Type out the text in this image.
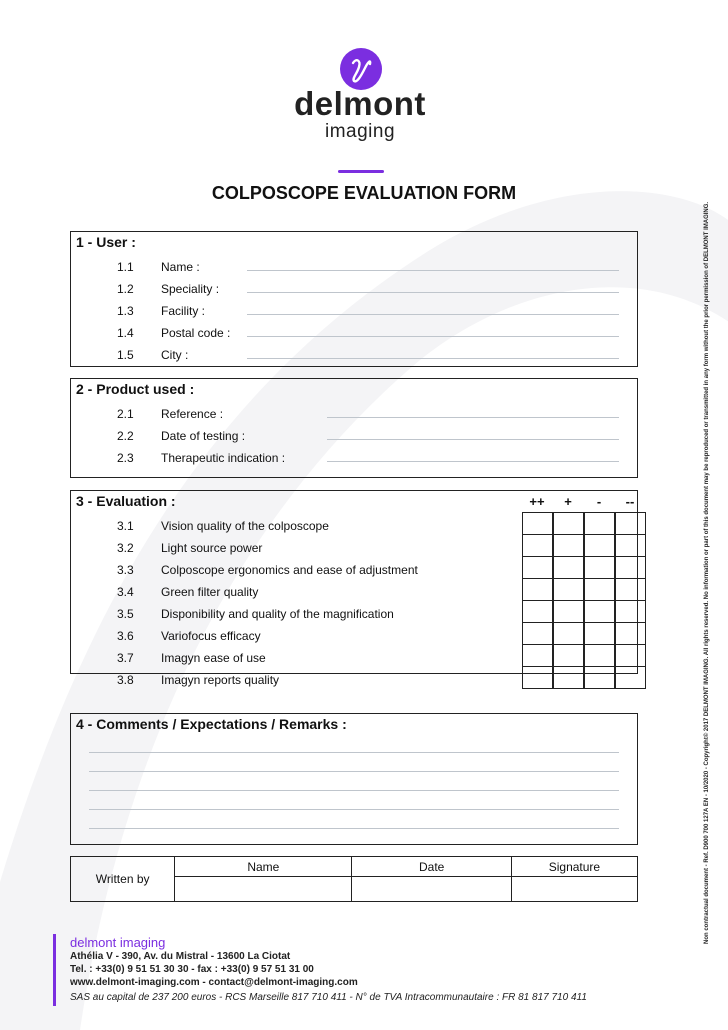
delmont
imaging
COLPOSCOPE EVALUATION FORM
1 - User :
1.1 Name :
1.2 Speciality :
1.3 Facility :
1.4 Postal code :
1.5 City :
2 - Product used :
2.1 Reference :
2.2 Date of testing :
2.3 Therapeutic indication :
3 - Evaluation :	++	+	-	--
3.1 Vision quality of the colposcope
3.2 Light source power
3.3 Colposcope ergonomics and ease of adjustment
3.4 Green filter quality
3.5 Disponibility and quality of the magnification
3.6 Variofocus efficacy
3.7 Imagyn ease of use
3.8 Imagyn reports quality
4 - Comments / Expectations / Remarks :
Written by	Name	Date	Signature
			Non contractual document - Ref. D900 700 127A EN - 10/2020 - Copyright© 2017 DELMONT IMAGING. All rights reserved. No information or part of this document may be reproduced or transmitted in any form without the prior permission of DELMONT IMAGING.
delmont imaging
Athélia V - 390, Av. du Mistral - 13600 La Ciotat
Tel. : +33(0) 9 51 51 30 30 - fax : +33(0) 9 57 51 31 00
www.delmont-imaging.com - contact@delmont-imaging.com
SAS au capital de 237 200 euros - RCS Marseille 817 710 411 - N° de TVA Intracommunautaire : FR 81 817 710 411
